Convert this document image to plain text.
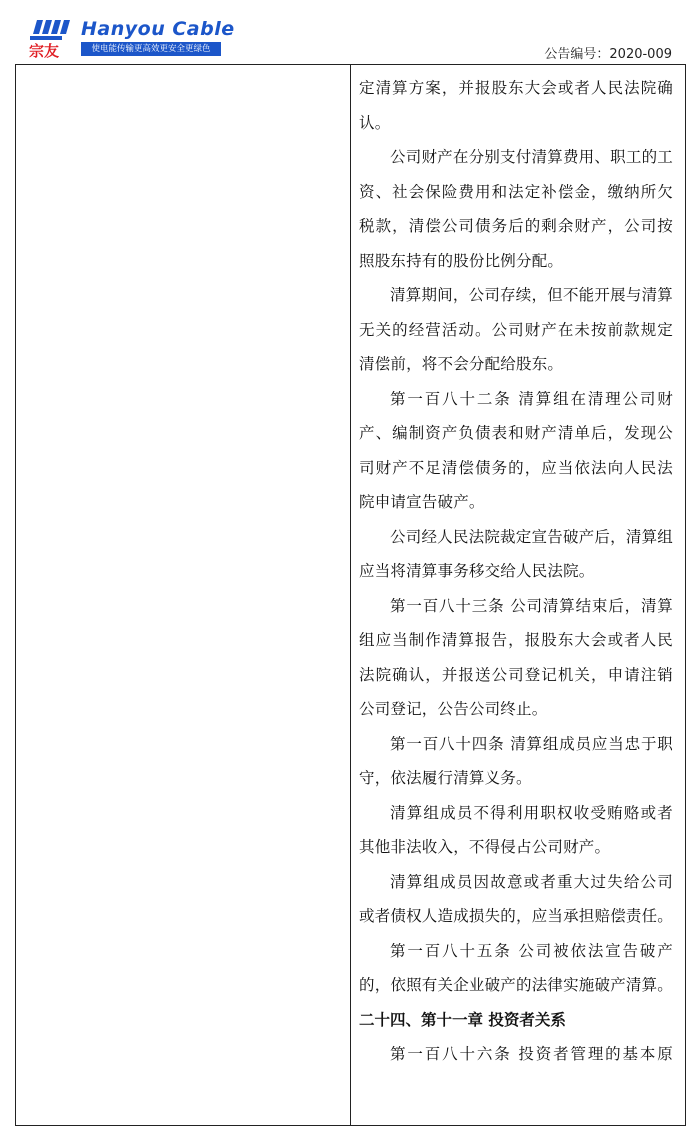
宗友
Hanyou Cable
使电能传输更高效更安全更绿色	公告编号：2020-009
定清算方案，并报股东大会或者人民法院确
认。
公司财产在分别支付清算费用、职工的工
资、社会保险费用和法定补偿金，缴纳所欠
税款，清偿公司债务后的剩余财产，公司按
照股东持有的股份比例分配。
清算期间，公司存续，但不能开展与清算
无关的经营活动。公司财产在未按前款规定
清偿前，将不会分配给股东。
第一百八十二条 清算组在清理公司财
产、编制资产负债表和财产清单后，发现公
司财产不足清偿债务的，应当依法向人民法
院申请宣告破产。
公司经人民法院裁定宣告破产后，清算组
应当将清算事务移交给人民法院。
第一百八十三条 公司清算结束后，清算
组应当制作清算报告，报股东大会或者人民
法院确认，并报送公司登记机关，申请注销
公司登记，公告公司终止。
第一百八十四条 清算组成员应当忠于职
守，依法履行清算义务。
清算组成员不得利用职权收受贿赂或者
其他非法收入，不得侵占公司财产。
清算组成员因故意或者重大过失给公司
或者债权人造成损失的，应当承担赔偿责任。
第一百八十五条 公司被依法宣告破产
的，依照有关企业破产的法律实施破产清算。
二十四、第十一章 投资者关系
第一百八十六条 投资者管理的基本原
